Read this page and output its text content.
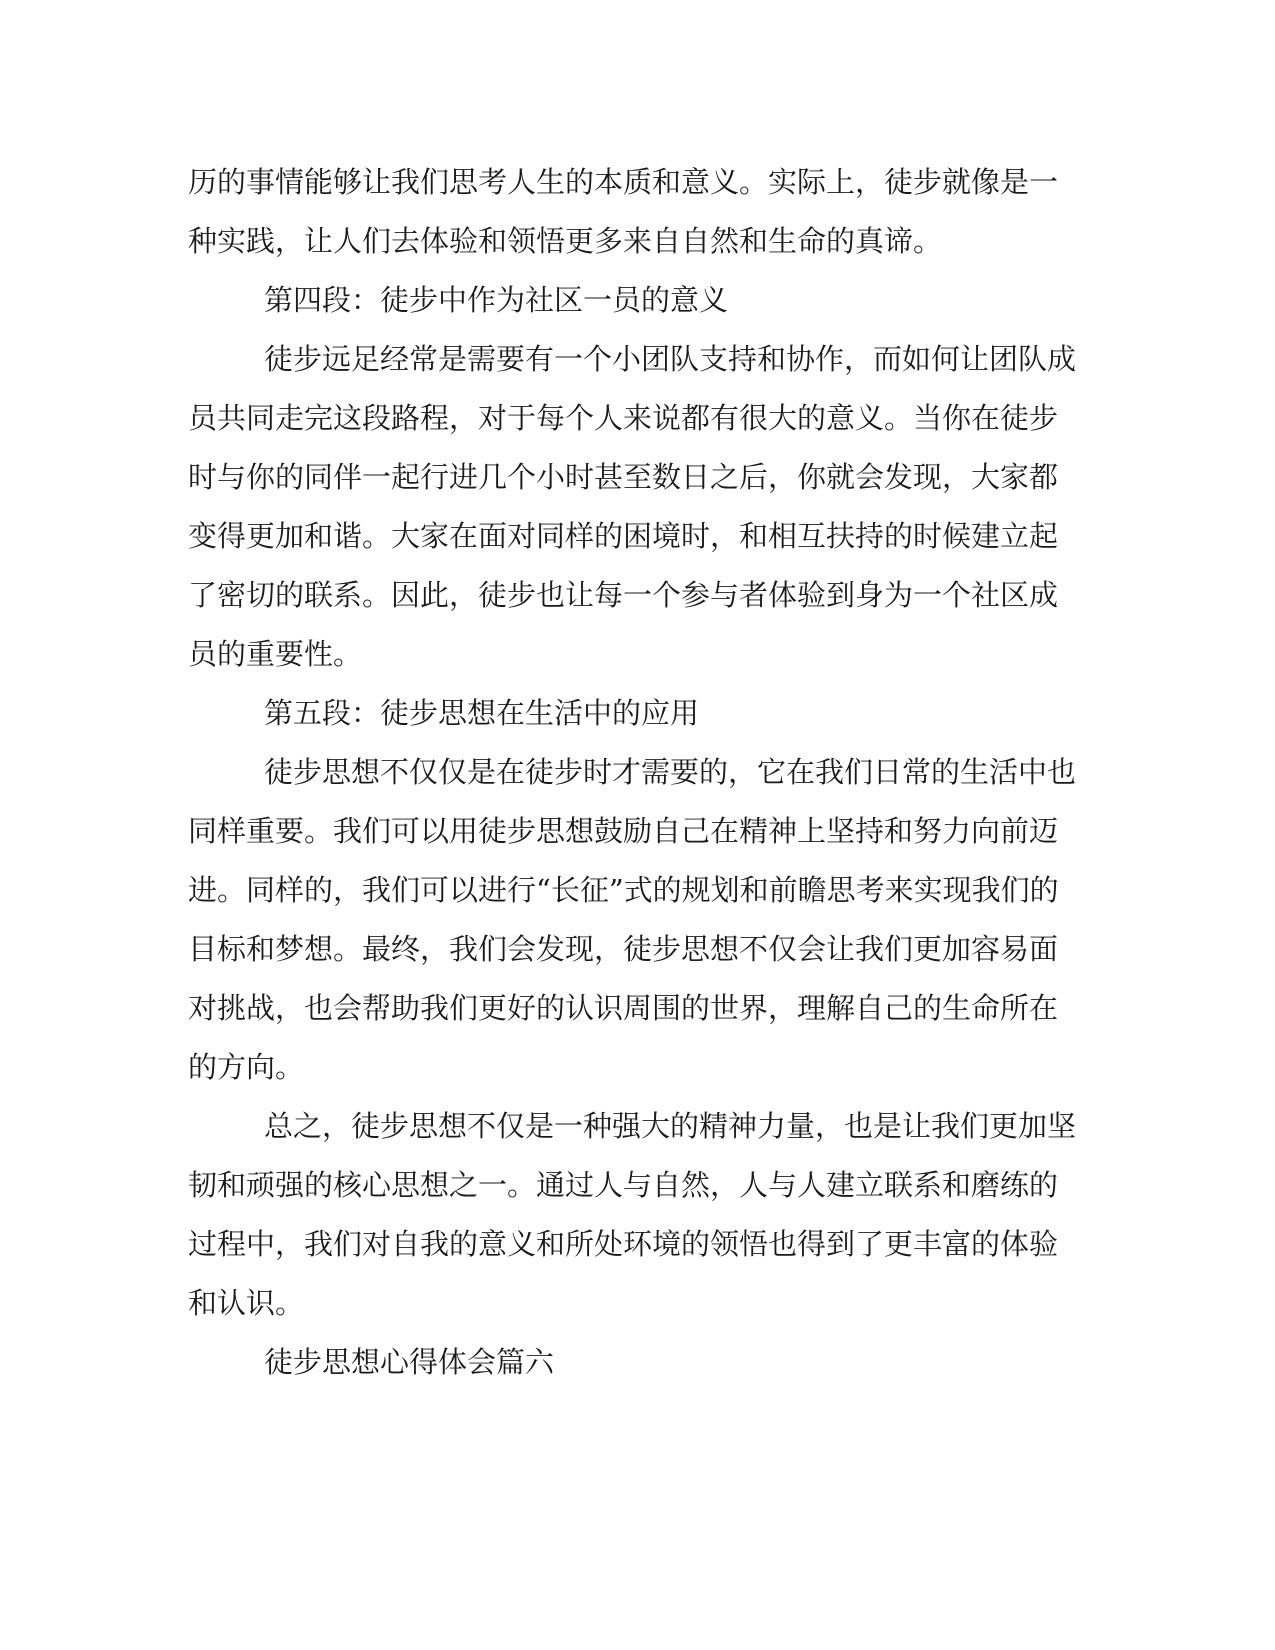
历的事情能够让我们思考人生的本质和意义。实际上，徒步就像是一

种实践，让人们去体验和领悟更多来自自然和生命的真谛。

第四段：徒步中作为社区一员的意义

徒步远足经常是需要有一个小团队支持和协作，而如何让团队成

员共同走完这段路程，对于每个人来说都有很大的意义。当你在徒步

时与你的同伴一起行进几个小时甚至数日之后，你就会发现，大家都

变得更加和谐。大家在面对同样的困境时，和相互扶持的时候建立起

了密切的联系。因此，徒步也让每一个参与者体验到身为一个社区成

员的重要性。

第五段：徒步思想在生活中的应用

徒步思想不仅仅是在徒步时才需要的，它在我们日常的生活中也

同样重要。我们可以用徒步思想鼓励自己在精神上坚持和努力向前迈

进。同样的，我们可以进行“长征”式的规划和前瞻思考来实现我们的

目标和梦想。最终，我们会发现，徒步思想不仅会让我们更加容易面

对挑战，也会帮助我们更好的认识周围的世界，理解自己的生命所在

的方向。

总之，徒步思想不仅是一种强大的精神力量，也是让我们更加坚

韧和顽强的核心思想之一。通过人与自然，人与人建立联系和磨练的

过程中，我们对自我的意义和所处环境的领悟也得到了更丰富的体验

和认识。

徒步思想心得体会篇六
